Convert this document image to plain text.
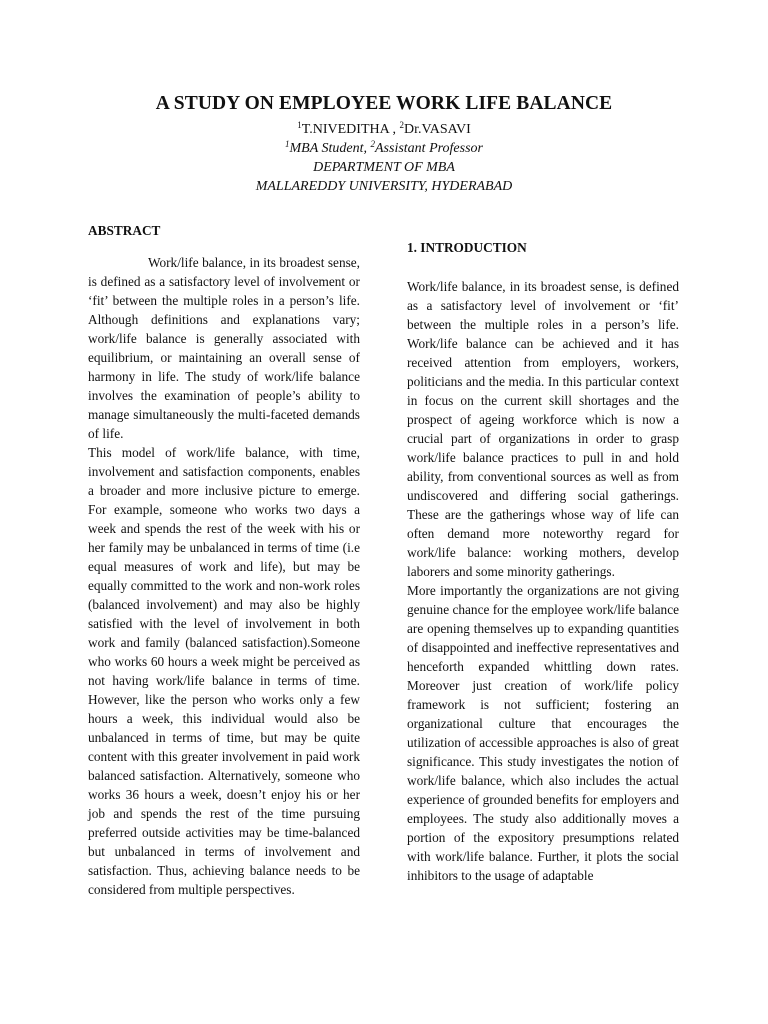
A STUDY ON EMPLOYEE WORK LIFE BALANCE
$^1$T.NIVEDITHA , $^2$Dr.VASAVI
$^1$MBA Student, $^2$Assistant Professor
DEPARTMENT OF MBA
MALLAREDDY UNIVERSITY, HYDERABAD

ABSTRACT

Work/life balance, in its broadest sense, is defined as a satisfactory level of involvement or ‘fit’ between the multiple roles in a person’s life. Although definitions and explanations vary; work/life balance is generally associated with equilibrium, or maintaining an overall sense of harmony in life. The study of work/life balance involves the examination of people’s ability to manage simultaneously the multi-faceted demands of life.

This model of work/life balance, with time, involvement and satisfaction components, enables a broader and more inclusive picture to emerge. For example, someone who works two days a week and spends the rest of the week with his or her family may be unbalanced in terms of time (i.e equal measures of work and life), but may be equally committed to the work and non-work roles (balanced involvement) and may also be highly satisfied with the level of involvement in both work and family (balanced satisfaction).Someone who works 60 hours a week might be perceived as not having work/life balance in terms of time. However, like the person who works only a few hours a week, this individual would also be unbalanced in terms of time, but may be quite content with this greater involvement in paid work balanced satisfaction. Alternatively, someone who works 36 hours a week, doesn’t enjoy his or her job and spends the rest of the time pursuing preferred outside activities may be time-balanced but unbalanced in terms of involvement and satisfaction. Thus, achieving balance needs to be considered from multiple perspectives.

1. INTRODUCTION

Work/life balance, in its broadest sense, is defined as a satisfactory level of involvement or ‘fit’ between the multiple roles in a person’s life. Work/life balance can be achieved and it has received attention from employers, workers, politicians and the media. In this particular context in focus on the current skill shortages and the prospect of ageing workforce which is now a crucial part of organizations in order to grasp work/life balance practices to pull in and hold ability, from conventional sources as well as from undiscovered and differing social gatherings. These are the gatherings whose way of life can often demand more noteworthy regard for work/life balance: working mothers, develop laborers and some minority gatherings.

More importantly the organizations are not giving genuine chance for the employee work/life balance are opening themselves up to expanding quantities of disappointed and ineffective representatives and henceforth expanded whittling down rates. Moreover just creation of work/life policy framework is not sufficient; fostering an organizational culture that encourages the utilization of accessible approaches is also of great significance. This study investigates the notion of work/life balance, which also includes the actual experience of grounded benefits for employers and employees. The study also additionally moves a portion of the expository presumptions related with work/life balance. Further, it plots the social inhibitors to the usage of adaptable
